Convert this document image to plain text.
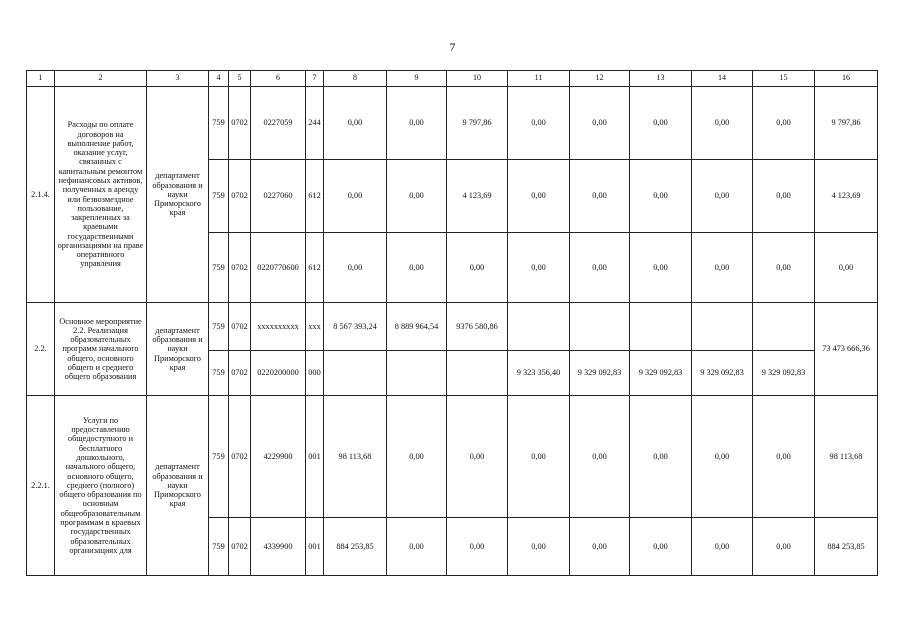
7
1	2	3	4	5	6	7	8	9	10	11	12	13	14	15	16
2.1.4.	Расходы по оплате договоров на выполнение работ, оказание услуг, связанных с капитальным ремонтом нефинансовых активов, полученных в аренду или безвозмездное пользование, закрепленных за краевыми государственными организациями на праве оперативного управления	департамент образования и науки Приморского края	759	0702	0227059	244	0,00	0,00	9 797,86	0,00	0,00	0,00	0,00	0,00	9 797,86
			759	0702	0227060	612	0,00	0,00	4 123,69	0,00	0,00	0,00	0,00	0,00	4 123,69
			759	0702	0220770600	612	0,00	0,00	0,00	0,00	0,00	0,00	0,00	0,00	0,00
2.2.	Основное мероприятие 2.2. Реализация образовательных программ начального общего, основного общего и среднего общего образования	департамент образования и науки Приморского края	759	0702	хххххххххх	ххх	8 567 393,24	8 889 964,54	9376 580,86						73 473 666,36
			759	0702	0220200000	000				9 323 356,40	9 329 092,83	9 329 092,83	9 329 092,83	9 329 092,83	
2.2.1.	Услуги по предоставлению общедоступного и бесплатного дошкольного, начального общего, основного общего, среднего (полного) общего образования по основным общеобразовательным программам в краевых государственных образовательных организациях для	департамент образования и науки Приморского края	759	0702	4229900	001	98 113,68	0,00	0,00	0,00	0,00	0,00	0,00	0,00	98 113,68
			759	0702	4339900	001	884 253,85	0,00	0,00	0,00	0,00	0,00	0,00	0,00	884 253,85
